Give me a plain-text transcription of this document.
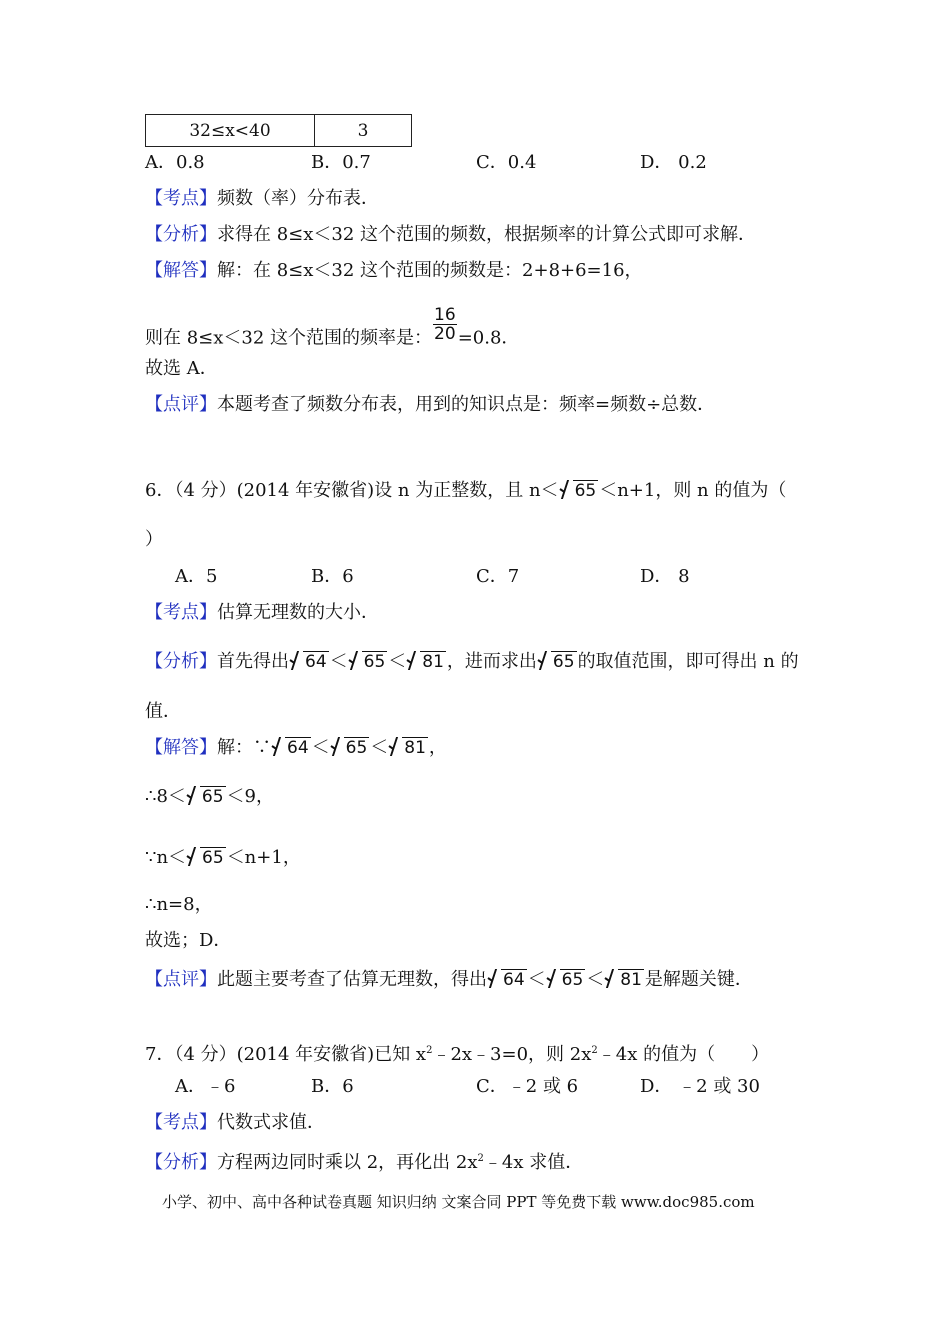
32≤x<40	3
A．0.8	B．0.7	C．0.4	D． 0.2
【考点】频数（率）分布表．
【分析】求得在 8≤x＜32 这个范围的频数，根据频率的计算公式即可求解．
【解答】解：在 8≤x＜32 这个范围的频数是：2+8+6=16，
则在 8≤x＜32 这个范围的频率是： $\frac{16}{20} =0.8$．
故选 A．
【点评】本题考查了频数分布表，用到的知识点是：频率=频数÷总数．
6．（4 分）(2014 年安徽省)设 n 为正整数，且 n＜ 65 ＜n+1，则 n 的值为（
）
A．5	B．6	C．7	D． 8
【考点】估算无理数的大小．
【分析】首先得出 64 ＜ 65 ＜ 81 ，进而求出 65 的取值范围，即可得出 n 的
值．
【解答】解：∵ 64 ＜ 65 ＜ 81 ，
∴8＜ 65 ＜9，
∵n＜ 65 ＜n+1，
∴n=8，
故选；D．
【点评】此题主要考查了估算无理数，得出 64 ＜ 65 ＜ 81 是解题关键．
7．（4 分）(2014 年安徽省)已知 $x^2﹣2x﹣3=0$，则 $2x^2﹣4x$ 的值为（　　）
A．﹣6	B．6	C．﹣2 或 6	D． ﹣2 或 30
【考点】代数式求值．
【分析】方程两边同时乘以 2，再化出 $2x^2﹣4x$ 求值．
小学、初中、高中各种试卷真题 知识归纳 文案合同 PPT 等免费下载 www.doc985.com
